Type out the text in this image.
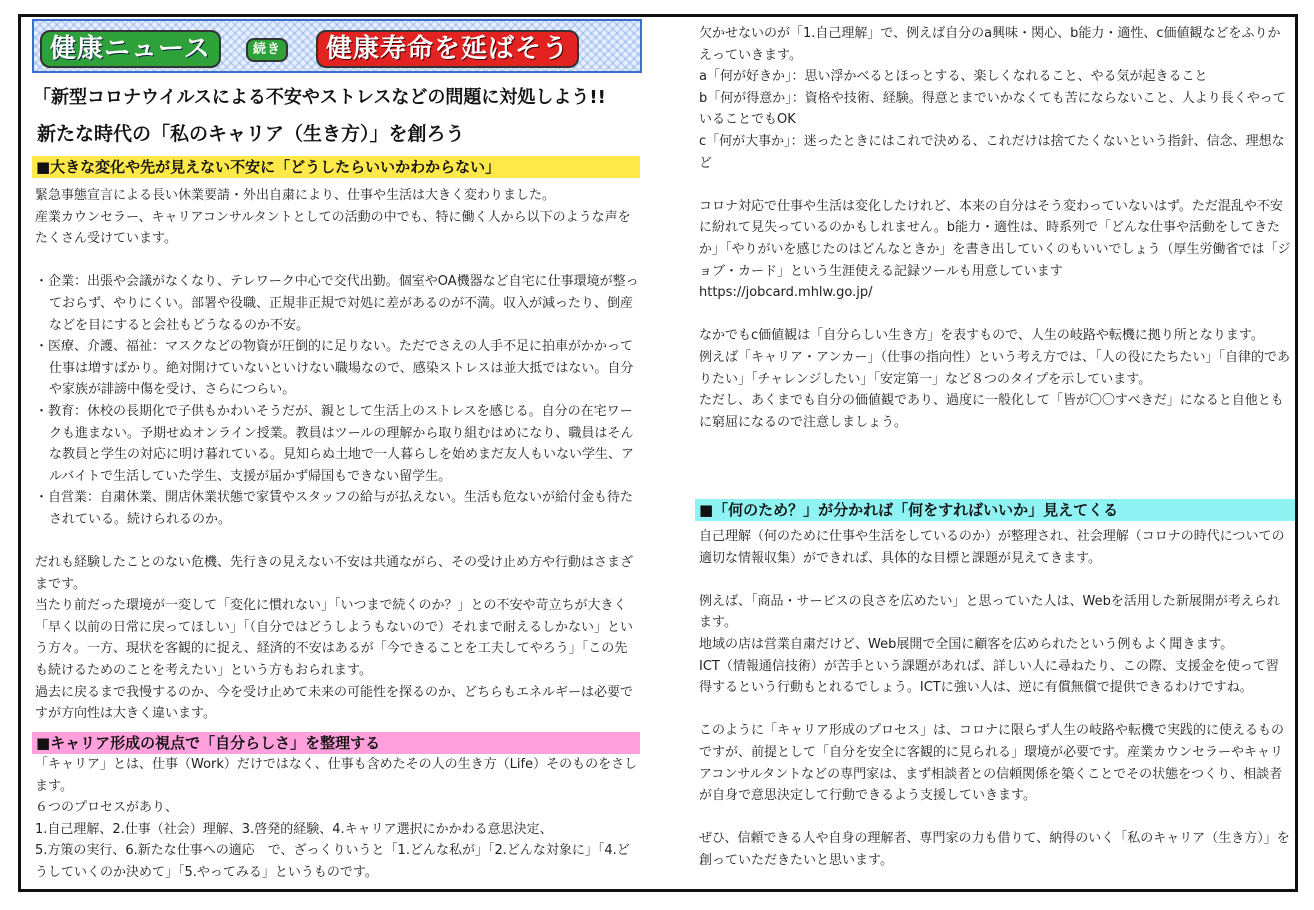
健康ニュース	続き	健康寿命を延ばそう
「新型コロナウイルスによる不安やストレスなどの問題に対処しよう!!
新たな時代の「私のキャリア（生き方）」を創ろう
■大きな変化や先が見えない不安に「どうしたらいいかわからない」

緊急事態宣言による長い休業要請・外出自粛により、仕事や生活は大きく変わりました。

産業カウンセラー、キャリアコンサルタントとしての活動の中でも、特に働く人から以下のような声をたくさん受けています。

・企業：出張や会議がなくなり、テレワーク中心で交代出勤。個室やOA機器など自宅に仕事環境が整っておらず、やりにくい。部署や役職、正規非正規で対処に差があるのが不満。収入が減ったり、倒産などを目にすると会社もどうなるのか不安。

・医療、介護、福祉：マスクなどの物資が圧倒的に足りない。ただでさえの人手不足に拍車がかかって仕事は増すばかり。絶対開けていないといけない職場なので、感染ストレスは並大抵ではない。自分や家族が誹謗中傷を受け、さらにつらい。

・教育：休校の長期化で子供もかわいそうだが、親として生活上のストレスを感じる。自分の在宅ワークも進まない。予期せぬオンライン授業。教員はツールの理解から取り組むはめになり、職員はそんな教員と学生の対応に明け暮れている。見知らぬ土地で一人暮らしを始めまだ友人もいない学生、アルバイトで生活していた学生、支援が届かず帰国もできない留学生。

・自営業：自粛休業、開店休業状態で家賃やスタッフの給与が払えない。生活も危ないが給付金も待たされている。続けられるのか。

だれも経験したことのない危機、先行きの見えない不安は共通ながら、その受け止め方や行動はさまざまです。

当たり前だった環境が一変して「変化に慣れない」「いつまで続くのか？」との不安や苛立ちが大きく「早く以前の日常に戻ってほしい」「（自分ではどうしようもないので）それまで耐えるしかない」という方々。一方、現状を客観的に捉え、経済的不安はあるが「今できることを工夫してやろう」「この先も続けるためのことを考えたい」という方もおられます。

過去に戻るまで我慢するのか、今を受け止めて未来の可能性を探るのか、どちらもエネルギーは必要ですが方向性は大きく違います。

■キャリア形成の視点で「自分らしさ」を整理する

「キャリア」とは、仕事（Work）だけではなく、仕事も含めたその人の生き方（Life）そのものをさします。

６つのプロセスがあり、

1.自己理解、2.仕事（社会）理解、3.啓発的経験、4.キャリア選択にかかわる意思決定、

5.方策の実行、6.新たな仕事への適応　で、ざっくりいうと「1.どんな私が」「2.どんな対象に」「4.どうしていくのか決めて」「5.やってみる」というものです。

欠かせないのが「1.自己理解」で、例えば自分のa興味・関心、b能力・適性、c価値観などをふりかえっていきます。

a「何が好きか」：思い浮かべるとほっとする、楽しくなれること、やる気が起きること

b「何が得意か」：資格や技術、経験。得意とまでいかなくても苦にならないこと、人より長くやっていることでもOK

c「何が大事か」：迷ったときにはこれで決める、これだけは捨てたくないという指針、信念、理想など

コロナ対応で仕事や生活は変化したけれど、本来の自分はそう変わっていないはず。ただ混乱や不安に紛れて見失っているのかもしれません。b能力・適性は、時系列で「どんな仕事や活動をしてきたか」「やりがいを感じたのはどんなときか」を書き出していくのもいいでしょう（厚生労働省では「ジョブ・カード」という生涯使える記録ツールも用意しています

https://jobcard.mhlw.go.jp/

なかでもc価値観は「自分らしい生き方」を表すもので、人生の岐路や転機に拠り所となります。

例えば「キャリア・アンカー」（仕事の指向性）という考え方では、「人の役にたちたい」「自律的でありたい」「チャレンジしたい」「安定第一」など８つのタイプを示しています。

ただし、あくまでも自分の価値観であり、過度に一般化して「皆が〇〇すべきだ」になると自他ともに窮屈になるので注意しましょう。

■「何のため？」が分かれば「何をすればいいか」見えてくる

自己理解（何のために仕事や生活をしているのか）が整理され、社会理解（コロナの時代についての適切な情報収集）ができれば、具体的な目標と課題が見えてきます。

例えば、「商品・サービスの良さを広めたい」と思っていた人は、Webを活用した新展開が考えられます。

地域の店は営業自粛だけど、Web展開で全国に顧客を広められたという例もよく聞きます。

ICT（情報通信技術）が苦手という課題があれば、詳しい人に尋ねたり、この際、支援金を使って習得するという行動もとれるでしょう。ICTに強い人は、逆に有償無償で提供できるわけですね。

このように「キャリア形成のプロセス」は、コロナに限らず人生の岐路や転機で実践的に使えるものですが、前提として「自分を安全に客観的に見られる」環境が必要です。産業カウンセラーやキャリアコンサルタントなどの専門家は、まず相談者との信頼関係を築くことでその状態をつくり、相談者が自身で意思決定して行動できるよう支援していきます。

ぜひ、信頼できる人や自身の理解者、専門家の力も借りて、納得のいく「私のキャリア（生き方）」を創っていただきたいと思います。
